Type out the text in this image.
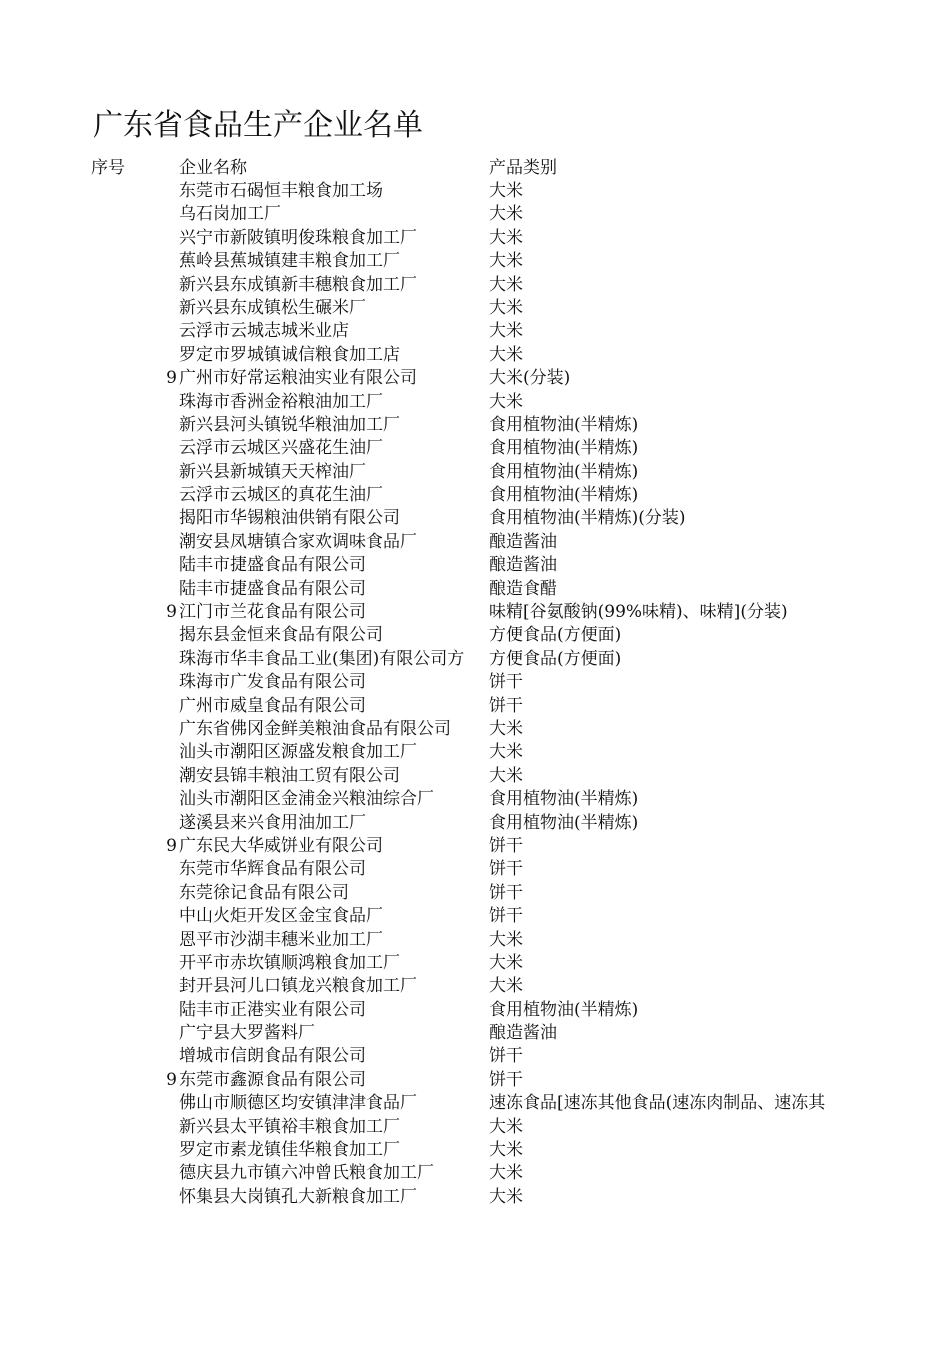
广东省食品生产企业名单
序号	企业名称	产品类别
东莞市石碣恒丰粮食加工场	大米
乌石岗加工厂	大米
兴宁市新陂镇明俊珠粮食加工厂	大米
蕉岭县蕉城镇建丰粮食加工厂	大米
新兴县东成镇新丰穗粮食加工厂	大米
新兴县东成镇松生碾米厂	大米
云浮市云城志城米业店	大米
罗定市罗城镇诚信粮食加工店	大米
9 广州市好常运粮油实业有限公司	大米(分装)
珠海市香洲金裕粮油加工厂	大米
新兴县河头镇锐华粮油加工厂	食用植物油(半精炼)
云浮市云城区兴盛花生油厂	食用植物油(半精炼)
新兴县新城镇天天榨油厂	食用植物油(半精炼)
云浮市云城区的真花生油厂	食用植物油(半精炼)
揭阳市华锡粮油供销有限公司	食用植物油(半精炼)(分装)
潮安县凤塘镇合家欢调味食品厂	酿造酱油
陆丰市捷盛食品有限公司	酿造酱油
陆丰市捷盛食品有限公司	酿造食醋
9 江门市兰花食品有限公司	味精[谷氨酸钠(99%味精)、味精](分装)
揭东县金恒来食品有限公司	方便食品(方便面)
珠海市华丰食品工业(集团)有限公司方 方便食品(方便面)
珠海市广发食品有限公司	饼干
广州市威皇食品有限公司	饼干
广东省佛冈金鲜美粮油食品有限公司 大米
汕头市潮阳区源盛发粮食加工厂	大米
潮安县锦丰粮油工贸有限公司	大米
汕头市潮阳区金浦金兴粮油综合厂	食用植物油(半精炼)
遂溪县来兴食用油加工厂	食用植物油(半精炼)
9 广东民大华威饼业有限公司	饼干
东莞市华辉食品有限公司	饼干
东莞徐记食品有限公司	饼干
中山火炬开发区金宝食品厂	饼干
恩平市沙湖丰穗米业加工厂	大米
开平市赤坎镇顺鸿粮食加工厂	大米
封开县河儿口镇龙兴粮食加工厂	大米
陆丰市正港实业有限公司	食用植物油(半精炼)
广宁县大罗酱料厂	酿造酱油
增城市信朗食品有限公司	饼干
9 东莞市鑫源食品有限公司	饼干
佛山市顺德区均安镇津津食品厂	速冻食品[速冻其他食品(速冻肉制品、速冻其
新兴县太平镇裕丰粮食加工厂	大米
罗定市素龙镇佳华粮食加工厂	大米
德庆县九市镇六冲曾氏粮食加工厂	大米
怀集县大岗镇孔大新粮食加工厂	大米
